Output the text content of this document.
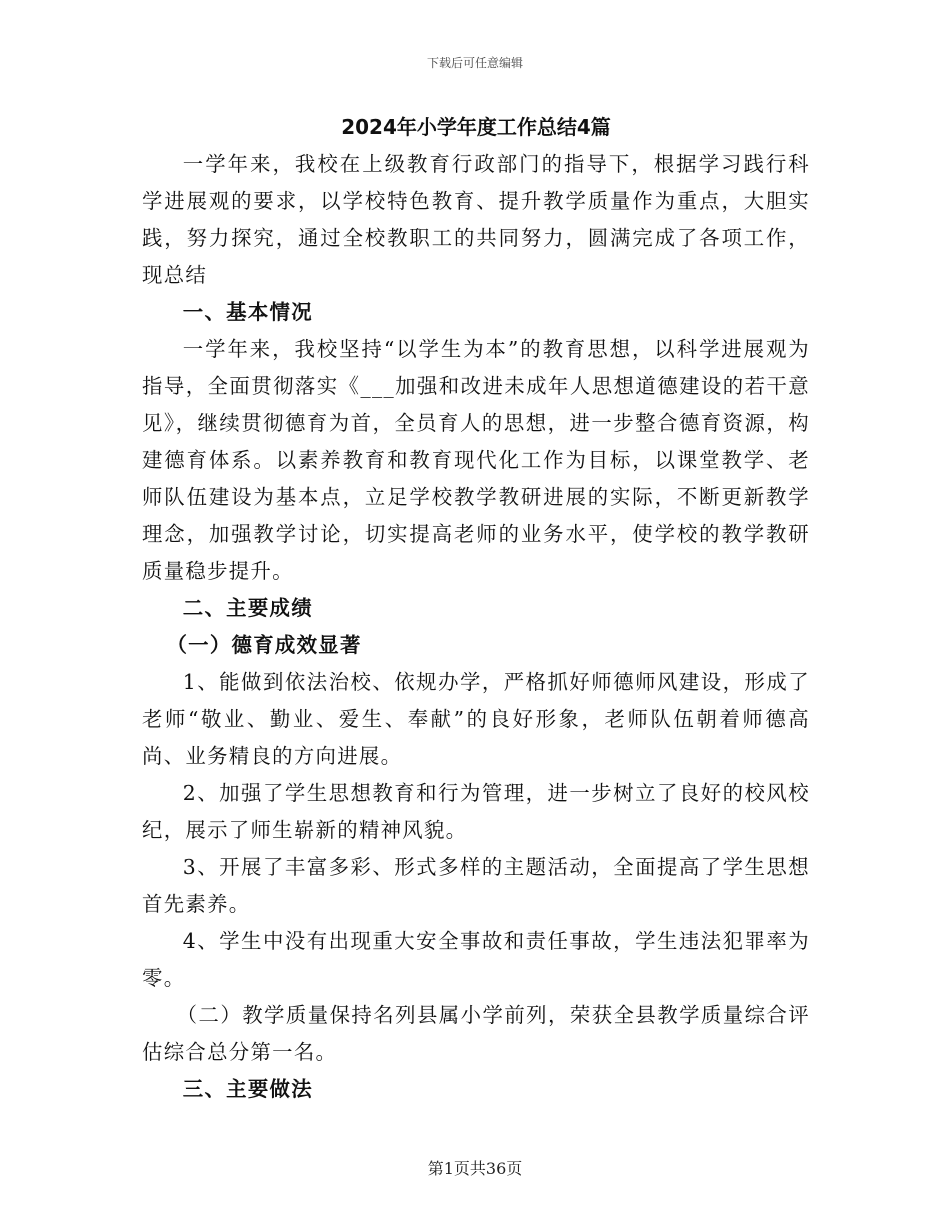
下载后可任意编辑
2024年小学年度工作总结4篇

一学年来，我校在上级教育行政部门的指导下，根据学习践行科学进展观的要求，以学校特色教育、提升教学质量作为重点，大胆实践，努力探究，通过全校教职工的共同努力，圆满完成了各项工作，现总结

一、基本情况

一学年来，我校坚持“以学生为本”的教育思想，以科学进展观为指导，全面贯彻落实《___加强和改进未成年人思想道德建设的若干意见》，继续贯彻德育为首，全员育人的思想，进一步整合德育资源，构建德育体系。以素养教育和教育现代化工作为目标，以课堂教学、老师队伍建设为基本点，立足学校教学教研进展的实际，不断更新教学理念，加强教学讨论，切实提高老师的业务水平，使学校的教学教研质量稳步提升。

二、主要成绩
（一）德育成效显著

1、能做到依法治校、依规办学，严格抓好师德师风建设，形成了老师“敬业、勤业、爱生、奉献”的良好形象，老师队伍朝着师德高尚、业务精良的方向进展。

2、加强了学生思想教育和行为管理，进一步树立了良好的校风校纪，展示了师生崭新的精神风貌。

3、开展了丰富多彩、形式多样的主题活动，全面提高了学生思想首先素养。

4、学生中没有出现重大安全事故和责任事故，学生违法犯罪率为零。

（二）教学质量保持名列县属小学前列，荣获全县教学质量综合评估综合总分第一名。

三、主要做法
第1页共36页
